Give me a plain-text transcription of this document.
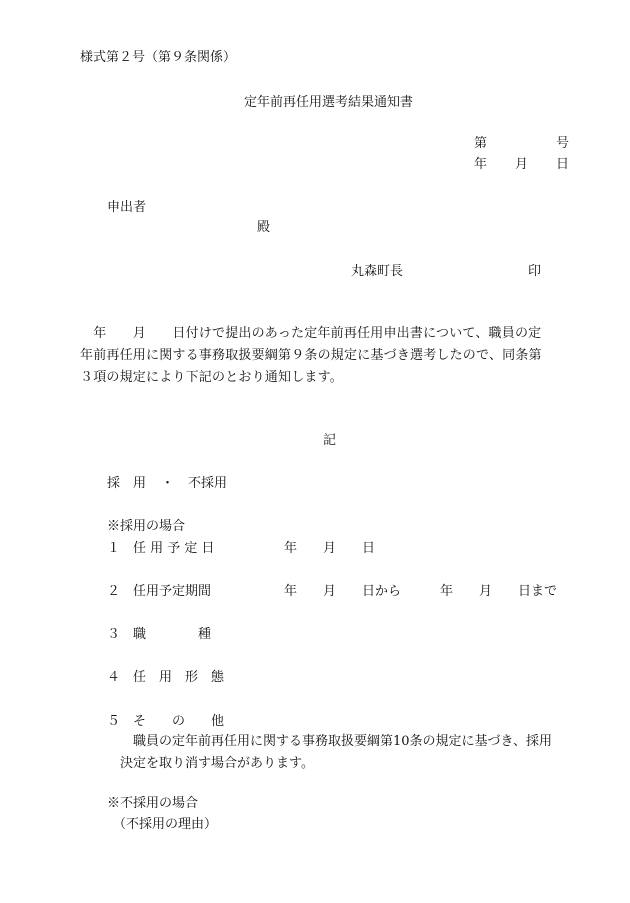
様式第２号（第９条関係）
定年前再任用選考結果通知書
第	号
年 月 日
申出者
殿
丸森町長	印
　年　　月　　日付けで提出のあった定年前再任用申出書について、職員の定年前再任用に関する事務取扱要綱第９条の規定に基づき選考したので、同条第３項の規定により下記のとおり通知します。
記
採　用 ・ 不採用
※採用の場合
１ 任 用 予 定 日	年　　月　　日
２ 任用予定期間	年　　月　　日から　　　年　　月　　日まで
３ 職　　　　種
４ 任　用　形　態
５ そ　　の　　他
職員の定年前再任用に関する事務取扱要綱第10条の規定に基づき、採用決定を取り消す場合があります。
※不採用の場合
（不採用の理由）
